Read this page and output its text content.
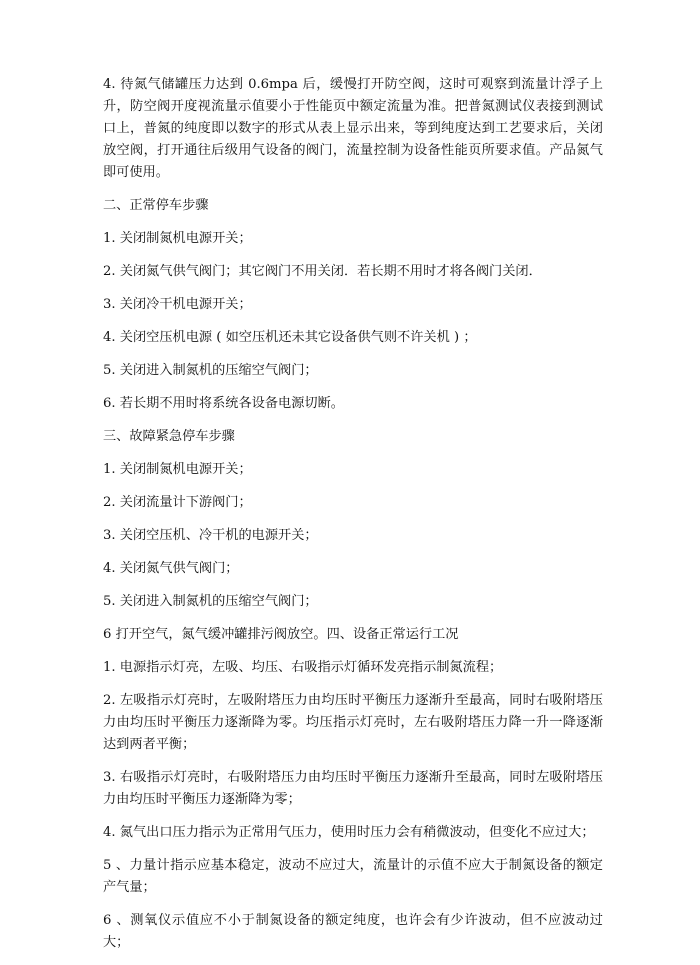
4. 待氮气储罐压力达到 0.6mpa 后，缓慢打开防空阀，这时可观察到流量计浮子上升，防空阀开度视流量示值要小于性能页中额定流量为准。把普氮测试仪表接到测试口上，普氮的纯度即以数字的形式从表上显示出来，等到纯度达到工艺要求后，关闭放空阀，打开通往后级用气设备的阀门，流量控制为设备性能页所要求值。产品氮气即可使用。

二、正常停车步骤

1. 关闭制氮机电源开关；

2. 关闭氮气供气阀门；其它阀门不用关闭．若长期不用时才将各阀门关闭．

3. 关闭冷干机电源开关；

4. 关闭空压机电源 ( 如空压机还未其它设备供气则不许关机 ) ；

5. 关闭进入制氮机的压缩空气阀门；

6. 若长期不用时将系统各设备电源切断。

三、故障紧急停车步骤

1. 关闭制氮机电源开关；

2. 关闭流量计下游阀门；

3. 关闭空压机、冷干机的电源开关；

4. 关闭氮气供气阀门；

5. 关闭进入制氮机的压缩空气阀门；

6 打开空气，氮气缓冲罐排污阀放空。四、设备正常运行工况

1. 电源指示灯亮，左吸、均压、右吸指示灯循环发亮指示制氮流程；

2. 左吸指示灯亮时，左吸附塔压力由均压时平衡压力逐渐升至最高，同时右吸附塔压力由均压时平衡压力逐渐降为零。均压指示灯亮时，左右吸附塔压力降一升一降逐渐达到两者平衡；

3. 右吸指示灯亮时，右吸附塔压力由均压时平衡压力逐渐升至最高，同时左吸附塔压力由均压时平衡压力逐渐降为零；

4. 氮气出口压力指示为正常用气压力，使用时压力会有稍微波动，但变化不应过大；

5 、力量计指示应基本稳定，波动不应过大，流量计的示值不应大于制氮设备的额定产气量；

6 、测氧仪示值应不小于制氮设备的额定纯度，也许会有少许波动，但不应波动过大；
